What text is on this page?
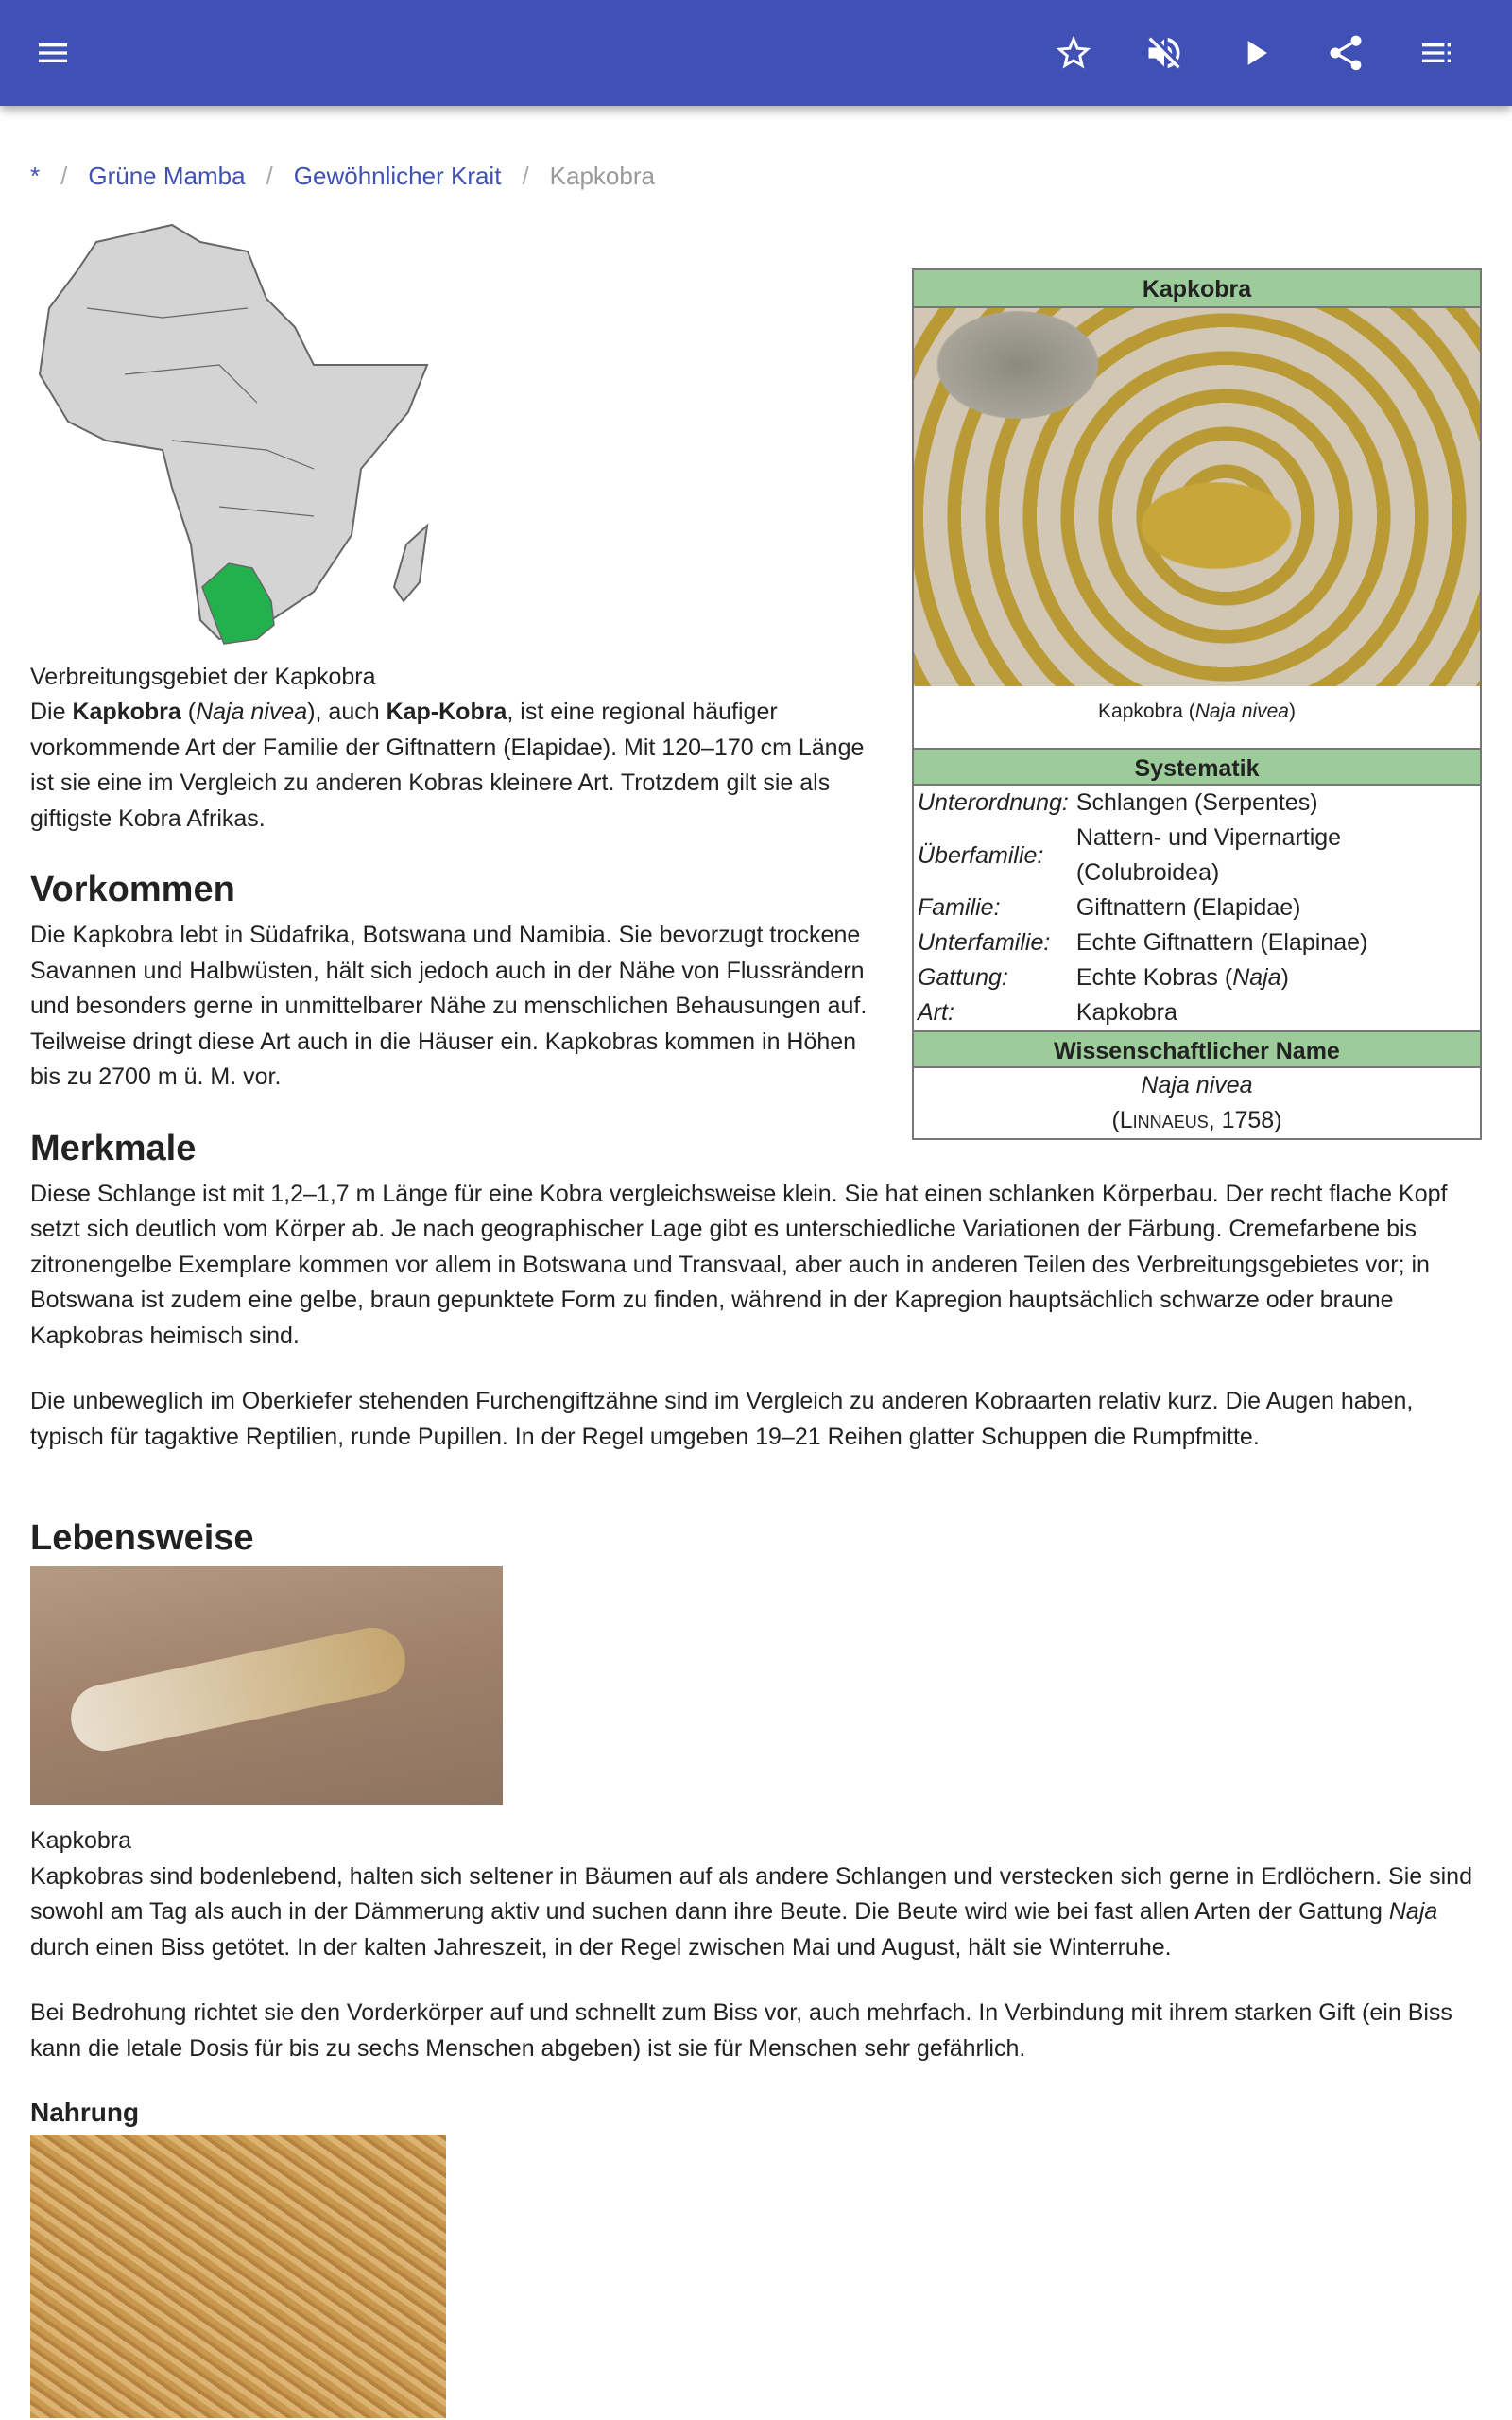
* / Grüne Mamba / Gewöhnlicher Krait / Kapkobra
Kapkobra
Kapkobra (Naja nivea)
Systematik
Unterordnung:	Schlangen (Serpentes)
Überfamilie:	Nattern- und Vipernartige (Colubroidea)
Familie:	Giftnattern (Elapidae)
Unterfamilie:	Echte Giftnattern (Elapinae)
Gattung:	Echte Kobras (Naja)
Art:	Kapkobra
Wissenschaftlicher Name
Naja nivea
(Linnaeus, 1758)
Verbreitungsgebiet der Kapkobra

Die Kapkobra (Naja nivea), auch Kap-Kobra, ist eine regional häufiger vorkommende Art der Familie der Giftnattern (Elapidae). Mit 120–170 cm Länge ist sie eine im Vergleich zu anderen Kobras kleinere Art. Trotzdem gilt sie als giftigste Kobra Afrikas.

Vorkommen

Die Kapkobra lebt in Südafrika, Botswana und Namibia. Sie bevorzugt trockene Savannen und Halbwüsten, hält sich jedoch auch in der Nähe von Flussrändern und besonders gerne in unmittelbarer Nähe zu menschlichen Behausungen auf. Teilweise dringt diese Art auch in die Häuser ein. Kapkobras kommen in Höhen bis zu 2700 m ü. M. vor.

Merkmale

Diese Schlange ist mit 1,2–1,7 m Länge für eine Kobra vergleichsweise klein. Sie hat einen schlanken Körperbau. Der recht flache Kopf setzt sich deutlich vom Körper ab. Je nach geographischer Lage gibt es unterschiedliche Variationen der Färbung. Cremefarbene bis zitronengelbe Exemplare kommen vor allem in Botswana und Transvaal, aber auch in anderen Teilen des Verbreitungsgebietes vor; in Botswana ist zudem eine gelbe, braun gepunktete Form zu finden, während in der Kapregion hauptsächlich schwarze oder braune Kapkobras heimisch sind.

Die unbeweglich im Oberkiefer stehenden Furchengiftzähne sind im Vergleich zu anderen Kobraarten relativ kurz. Die Augen haben, typisch für tagaktive Reptilien, runde Pupillen. In der Regel umgeben 19–21 Reihen glatter Schuppen die Rumpfmitte.

Lebensweise
Kapkobra

Kapkobras sind bodenlebend, halten sich seltener in Bäumen auf als andere Schlangen und verstecken sich gerne in Erdlöchern. Sie sind sowohl am Tag als auch in der Dämmerung aktiv und suchen dann ihre Beute. Die Beute wird wie bei fast allen Arten der Gattung Naja durch einen Biss getötet. In der kalten Jahreszeit, in der Regel zwischen Mai und August, hält sie Winterruhe.

Bei Bedrohung richtet sie den Vorderkörper auf und schnellt zum Biss vor, auch mehrfach. In Verbindung mit ihrem starken Gift (ein Biss kann die letale Dosis für bis zu sechs Menschen abgeben) ist sie für Menschen sehr gefährlich.

Nahrung
